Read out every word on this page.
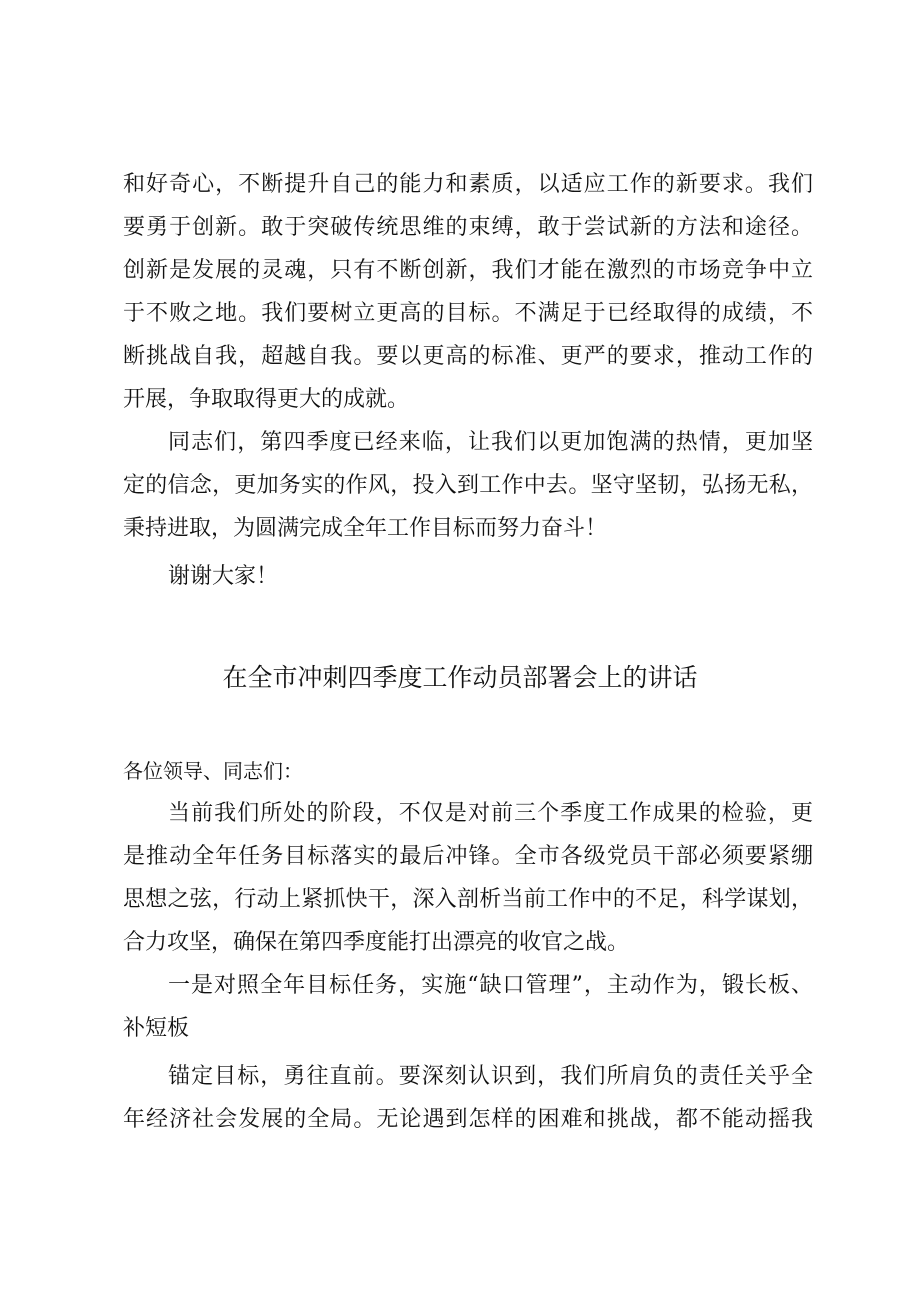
和好奇心，不断提升自己的能力和素质，以适应工作的新要求。我们
要勇于创新。敢于突破传统思维的束缚，敢于尝试新的方法和途径。
创新是发展的灵魂，只有不断创新，我们才能在激烈的市场竞争中立
于不败之地。我们要树立更高的目标。不满足于已经取得的成绩，不
断挑战自我，超越自我。要以更高的标准、更严的要求，推动工作的
开展，争取取得更大的成就。
同志们，第四季度已经来临，让我们以更加饱满的热情，更加坚
定的信念，更加务实的作风，投入到工作中去。坚守坚韧，弘扬无私，
秉持进取，为圆满完成全年工作目标而努力奋斗！
谢谢大家！
在全市冲刺四季度工作动员部署会上的讲话
各位领导、同志们：
当前我们所处的阶段，不仅是对前三个季度工作成果的检验，更
是推动全年任务目标落实的最后冲锋。全市各级党员干部必须要紧绷
思想之弦，行动上紧抓快干，深入剖析当前工作中的不足，科学谋划，
合力攻坚，确保在第四季度能打出漂亮的收官之战。
一是对照全年目标任务，实施“缺口管理”，主动作为，锻长板、
补短板
锚定目标，勇往直前。要深刻认识到，我们所肩负的责任关乎全
年经济社会发展的全局。无论遇到怎样的困难和挑战，都不能动摇我
